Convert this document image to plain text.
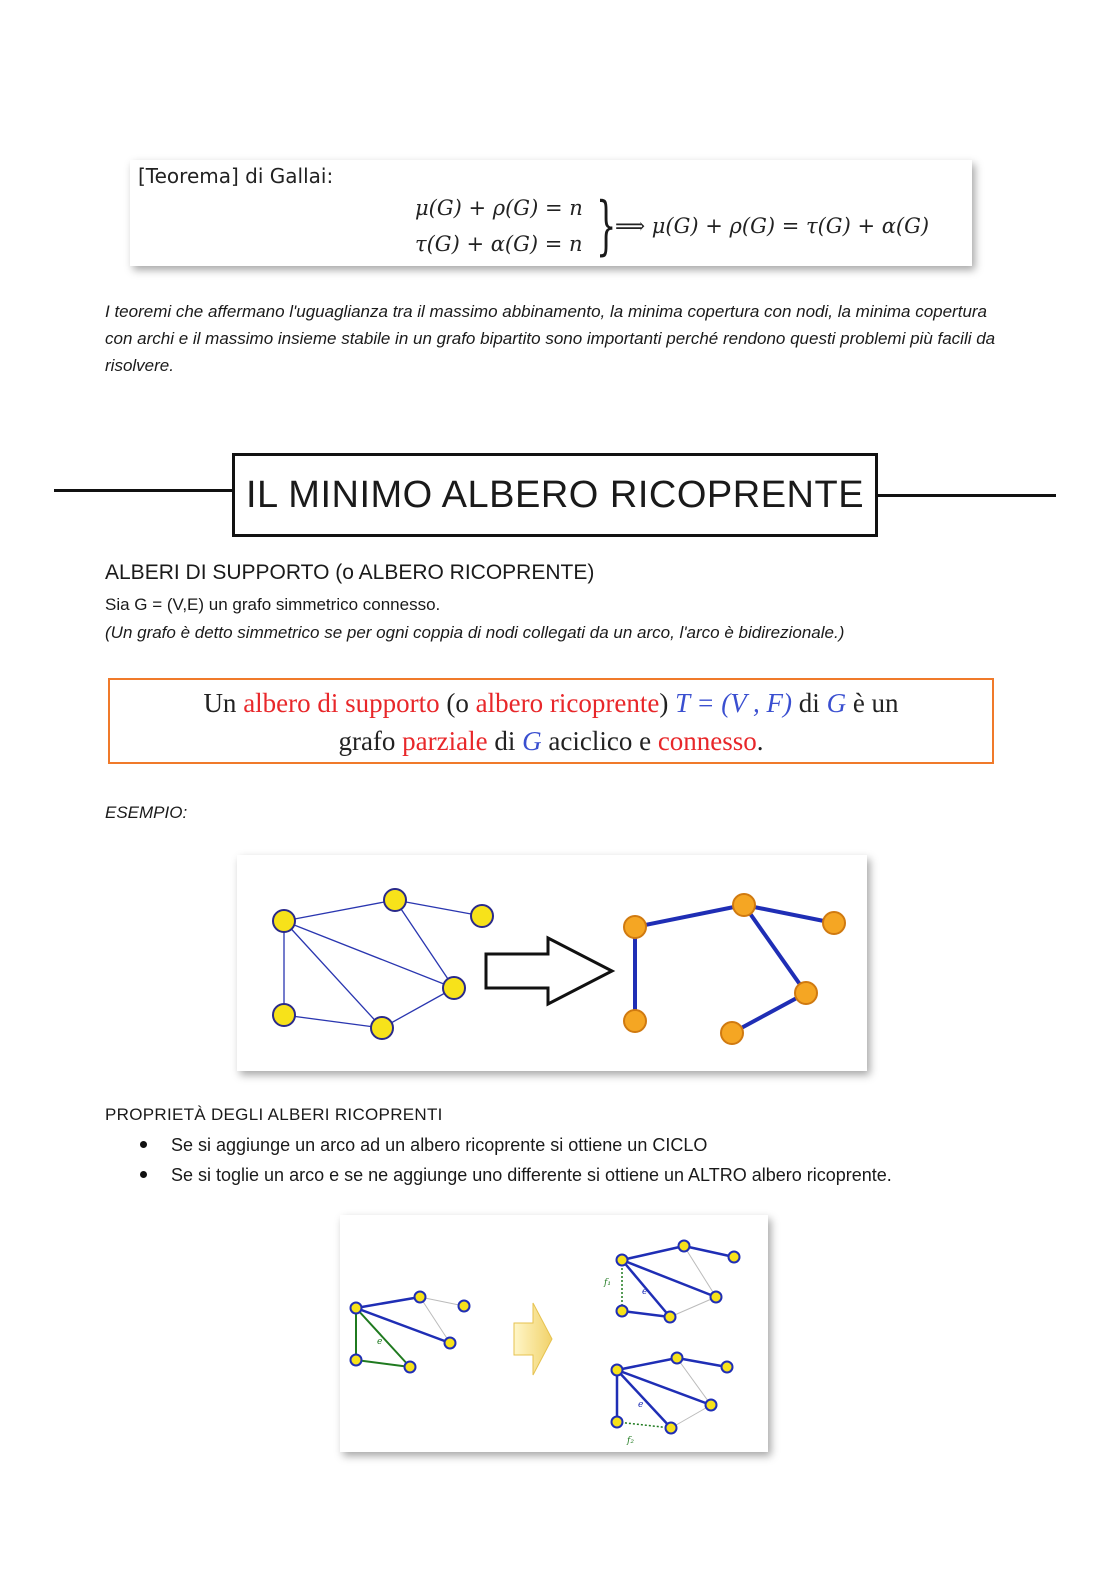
[Teorema] di Gallai:
μ(G) + ρ(G) = n
τ(G) + α(G) = n }
⟹ μ(G) + ρ(G) = τ(G) + α(G)
I teoremi che affermano l'uguaglianza tra il massimo abbinamento, la minima copertura con nodi, la minima copertura con archi e il massimo insieme stabile in un grafo bipartito sono importanti perché rendono questi problemi più facili da risolvere.
IL MINIMO ALBERO RICOPRENTE
ALBERI DI SUPPORTO (o ALBERO RICOPRENTE)
Sia G = (V,E) un grafo simmetrico connesso.
(Un grafo è detto simmetrico se per ogni coppia di nodi collegati da un arco, l'arco è bidirezionale.)
Un albero di supporto (o albero ricoprente) T = (V , F) di G è un
grafo parziale di G aciclico e connesso.
ESEMPIO:
PROPRIETÀ DEGLI ALBERI RICOPRENTI
Se si aggiunge un arco ad un albero ricoprente si ottiene un CICLO
Se si toglie un arco e se ne aggiunge uno differente si ottiene un ALTRO albero ricoprente.
e
f₁
e
e
f₂
